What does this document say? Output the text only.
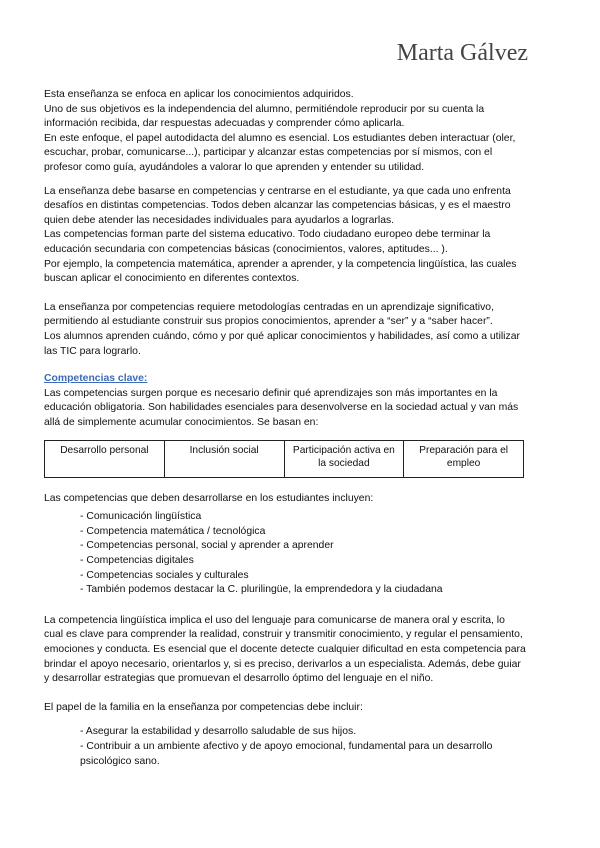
Marta Gálvez

Esta enseñanza se enfoca en aplicar los conocimientos adquiridos.
Uno de sus objetivos es la independencia del alumno, permitiéndole reproducir por su cuenta la
información recibida, dar respuestas adecuadas y comprender cómo aplicarla.
En este enfoque, el papel autodidacta del alumno es esencial. Los estudiantes deben interactuar (oler,
escuchar, probar, comunicarse...), participar y alcanzar estas competencias por sí mismos, con el
profesor como guía, ayudándoles a valorar lo que aprenden y entender su utilidad.

La enseñanza debe basarse en competencias y centrarse en el estudiante, ya que cada uno enfrenta
desafíos en distintas competencias. Todos deben alcanzar las competencias básicas, y es el maestro
quien debe atender las necesidades individuales para ayudarlos a lograrlas.
Las competencias forman parte del sistema educativo. Todo ciudadano europeo debe terminar la
educación secundaria con competencias básicas (conocimientos, valores, aptitudes... ).
Por ejemplo, la competencia matemática, aprender a aprender, y la competencia lingüística, las cuales
buscan aplicar el conocimiento en diferentes contextos.

La enseñanza por competencias requiere metodologías centradas en un aprendizaje significativo,
permitiendo al estudiante construir sus propios conocimientos, aprender a “ser” y a “saber hacer”.
Los alumnos aprenden cuándo, cómo y por qué aplicar conocimientos y habilidades, así como a utilizar
las TIC para lograrlo.

Competencias clave:

Las competencias surgen porque es necesario definir qué aprendizajes son más importantes en la
educación obligatoria. Son habilidades esenciales para desenvolverse en la sociedad actual y van más
allá de simplemente acumular conocimientos. Se basan en:

Desarrollo personal	Inclusión social	Participación activa en la sociedad	Preparación para el empleo

Las competencias que deben desarrollarse en los estudiantes incluyen:

- Comunicación lingüística
- Competencia matemática / tecnológica
- Competencias personal, social y aprender a aprender
- Competencias digitales
- Competencias sociales y culturales
- También podemos destacar la C. plurilingüe, la emprendedora y la ciudadana

La competencia lingüística implica el uso del lenguaje para comunicarse de manera oral y escrita, lo
cual es clave para comprender la realidad, construir y transmitir conocimiento, y regular el pensamiento,
emociones y conducta. Es esencial que el docente detecte cualquier dificultad en esta competencia para
brindar el apoyo necesario, orientarlos y, si es preciso, derivarlos a un especialista. Además, debe guiar
y desarrollar estrategias que promuevan el desarrollo óptimo del lenguaje en el niño.

El papel de la familia en la enseñanza por competencias debe incluir:

- Asegurar la estabilidad y desarrollo saludable de sus hijos.
- Contribuir a un ambiente afectivo y de apoyo emocional, fundamental para un desarrollo psicológico sano.
